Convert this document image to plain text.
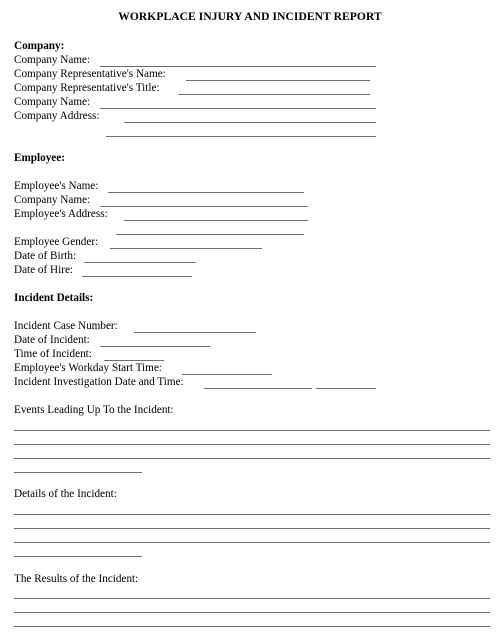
WORKPLACE INJURY AND INCIDENT REPORT
Company:
Company Name:
Company Representative's Name:
Company Representative's Title:
Company Name:
Company Address:
Employee:
Employee's Name:
Company Name:
Employee's Address:
Employee Gender:
Date of Birth:
Date of Hire:
Incident Details:
Incident Case Number:
Date of Incident:
Time of Incident:
Employee's Workday Start Time:
Incident Investigation Date and Time:
Events Leading Up To the Incident:
Details of the Incident:
The Results of the Incident:
